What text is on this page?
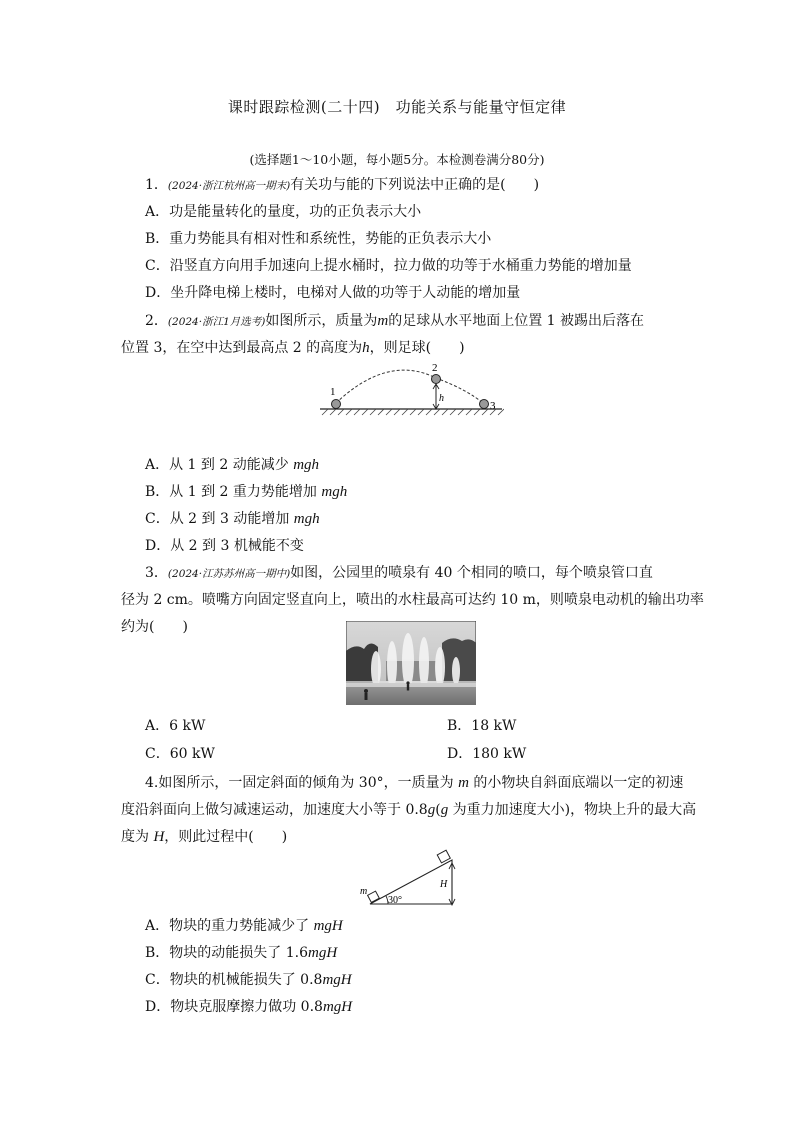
课时跟踪检测(二十四)　功能关系与能量守恒定律
(选择题1～10小题，每小题5分。本检测卷满分80分)
1．(2024·浙江杭州高一期末)有关功与能的下列说法中正确的是(　　)
A．功是能量转化的量度，功的正负表示大小
B．重力势能具有相对性和系统性，势能的正负表示大小
C．沿竖直方向用手加速向上提水桶时，拉力做的功等于水桶重力势能的增加量
D．坐升降电梯上楼时，电梯对人做的功等于人动能的增加量
2．(2024·浙江1月选考)如图所示，质量为m的足球从水平地面上位置 1 被踢出后落在
位置 3，在空中达到最高点 2 的高度为h，则足球(　　)
1
2
3
h
A．从 1 到 2 动能减少 mgh
B．从 1 到 2 重力势能增加 mgh
C．从 2 到 3 动能增加 mgh
D．从 2 到 3 机械能不变
3．(2024·江苏苏州高一期中)如图，公园里的喷泉有 40 个相同的喷口，每个喷泉管口直
径为 2 cm。喷嘴方向固定竖直向上，喷出的水柱最高可达约 10 m，则喷泉电动机的输出功率
约为(　　)
A．6 kW	B．18 kW
C．60 kW	D．180 kW
4.如图所示，一固定斜面的倾角为 30°，一质量为 m 的小物块自斜面底端以一定的初速
度沿斜面向上做匀减速运动，加速度大小等于 0.8g(g 为重力加速度大小)，物块上升的最大高
度为 H，则此过程中(　　)
m
30°
H
A．物块的重力势能减少了 mgH
B．物块的动能损失了 1.6mgH
C．物块的机械能损失了 0.8mgH
D．物块克服摩擦力做功 0.8mgH
